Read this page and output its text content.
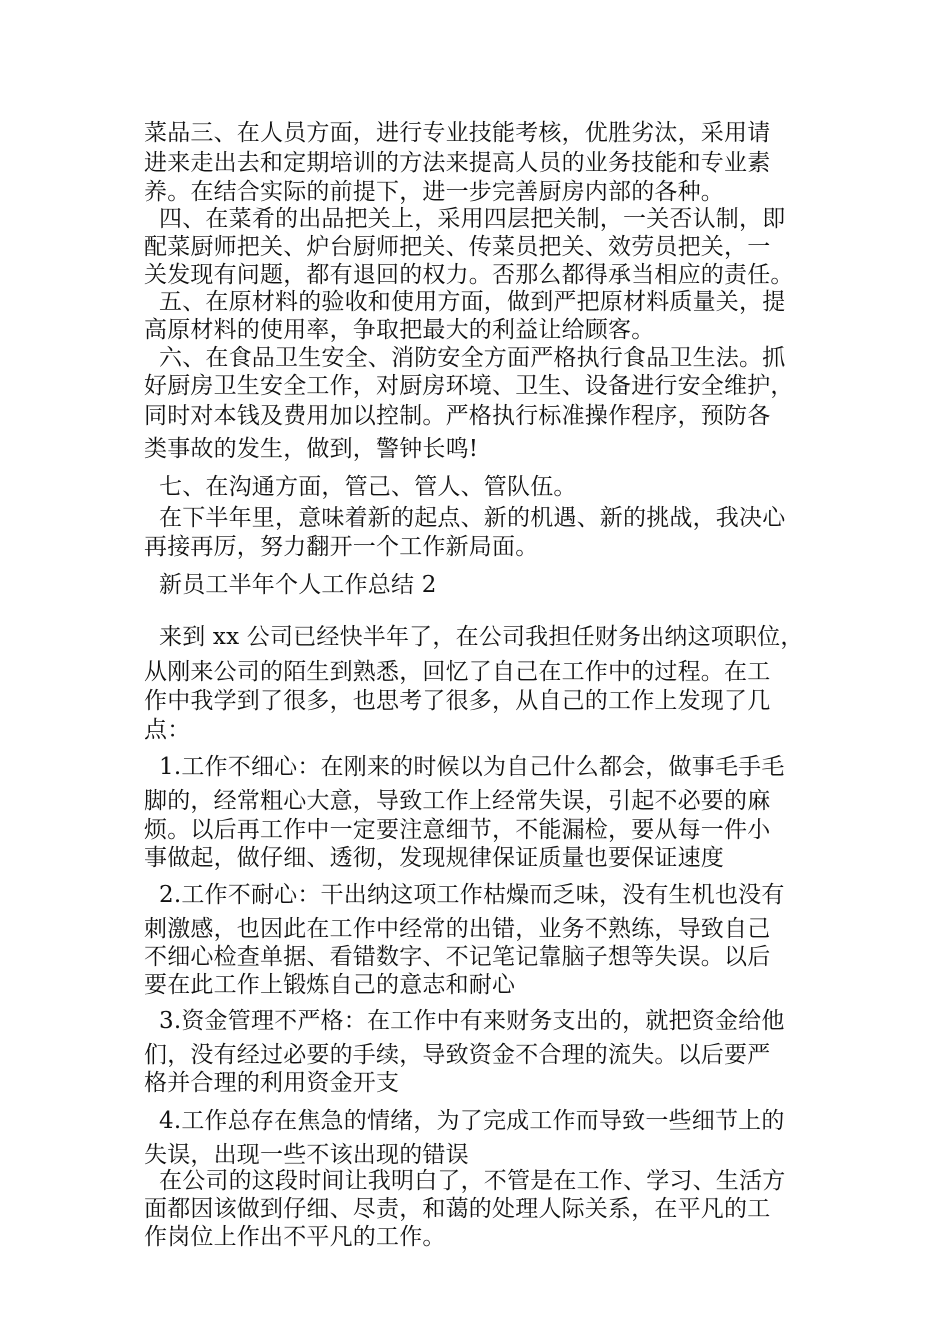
菜品三、在人员方面，进行专业技能考核，优胜劣汰，采用请
进来走出去和定期培训的方法来提高人员的业务技能和专业素
养。在结合实际的前提下，进一步完善厨房内部的各种。
四、在菜肴的出品把关上，采用四层把关制，一关否认制，即
配菜厨师把关、炉台厨师把关、传菜员把关、效劳员把关，一
关发现有问题，都有退回的权力。否那么都得承当相应的责任。
五、在原材料的验收和使用方面，做到严把原材料质量关，提
高原材料的使用率，争取把最大的利益让给顾客。
六、在食品卫生安全、消防安全方面严格执行食品卫生法。抓
好厨房卫生安全工作，对厨房环境、卫生、设备进行安全维护，
同时对本钱及费用加以控制。严格执行标准操作程序，预防各
类事故的发生，做到，警钟长鸣!
七、在沟通方面，管己、管人、管队伍。
在下半年里，意味着新的起点、新的机遇、新的挑战，我决心
再接再厉，努力翻开一个工作新局面。
新员工半年个人工作总结 2
来到 xx 公司已经快半年了，在公司我担任财务出纳这项职位，
从刚来公司的陌生到熟悉，回忆了自己在工作中的过程。在工
作中我学到了很多，也思考了很多，从自己的工作上发现了几
点：
1.工作不细心：在刚来的时候以为自己什么都会，做事毛手毛
脚的，经常粗心大意，导致工作上经常失误，引起不必要的麻
烦。以后再工作中一定要注意细节，不能漏检，要从每一件小
事做起，做仔细、透彻，发现规律保证质量也要保证速度
2.工作不耐心：干出纳这项工作枯燥而乏味，没有生机也没有
刺激感，也因此在工作中经常的出错，业务不熟练，导致自己
不细心检查单据、看错数字、不记笔记靠脑子想等失误。以后
要在此工作上锻炼自己的意志和耐心
3.资金管理不严格：在工作中有来财务支出的，就把资金给他
们，没有经过必要的手续，导致资金不合理的流失。以后要严
格并合理的利用资金开支
4.工作总存在焦急的情绪，为了完成工作而导致一些细节上的
失误，出现一些不该出现的错误
在公司的这段时间让我明白了，不管是在工作、学习、生活方
面都因该做到仔细、尽责，和蔼的处理人际关系，在平凡的工
作岗位上作出不平凡的工作。
